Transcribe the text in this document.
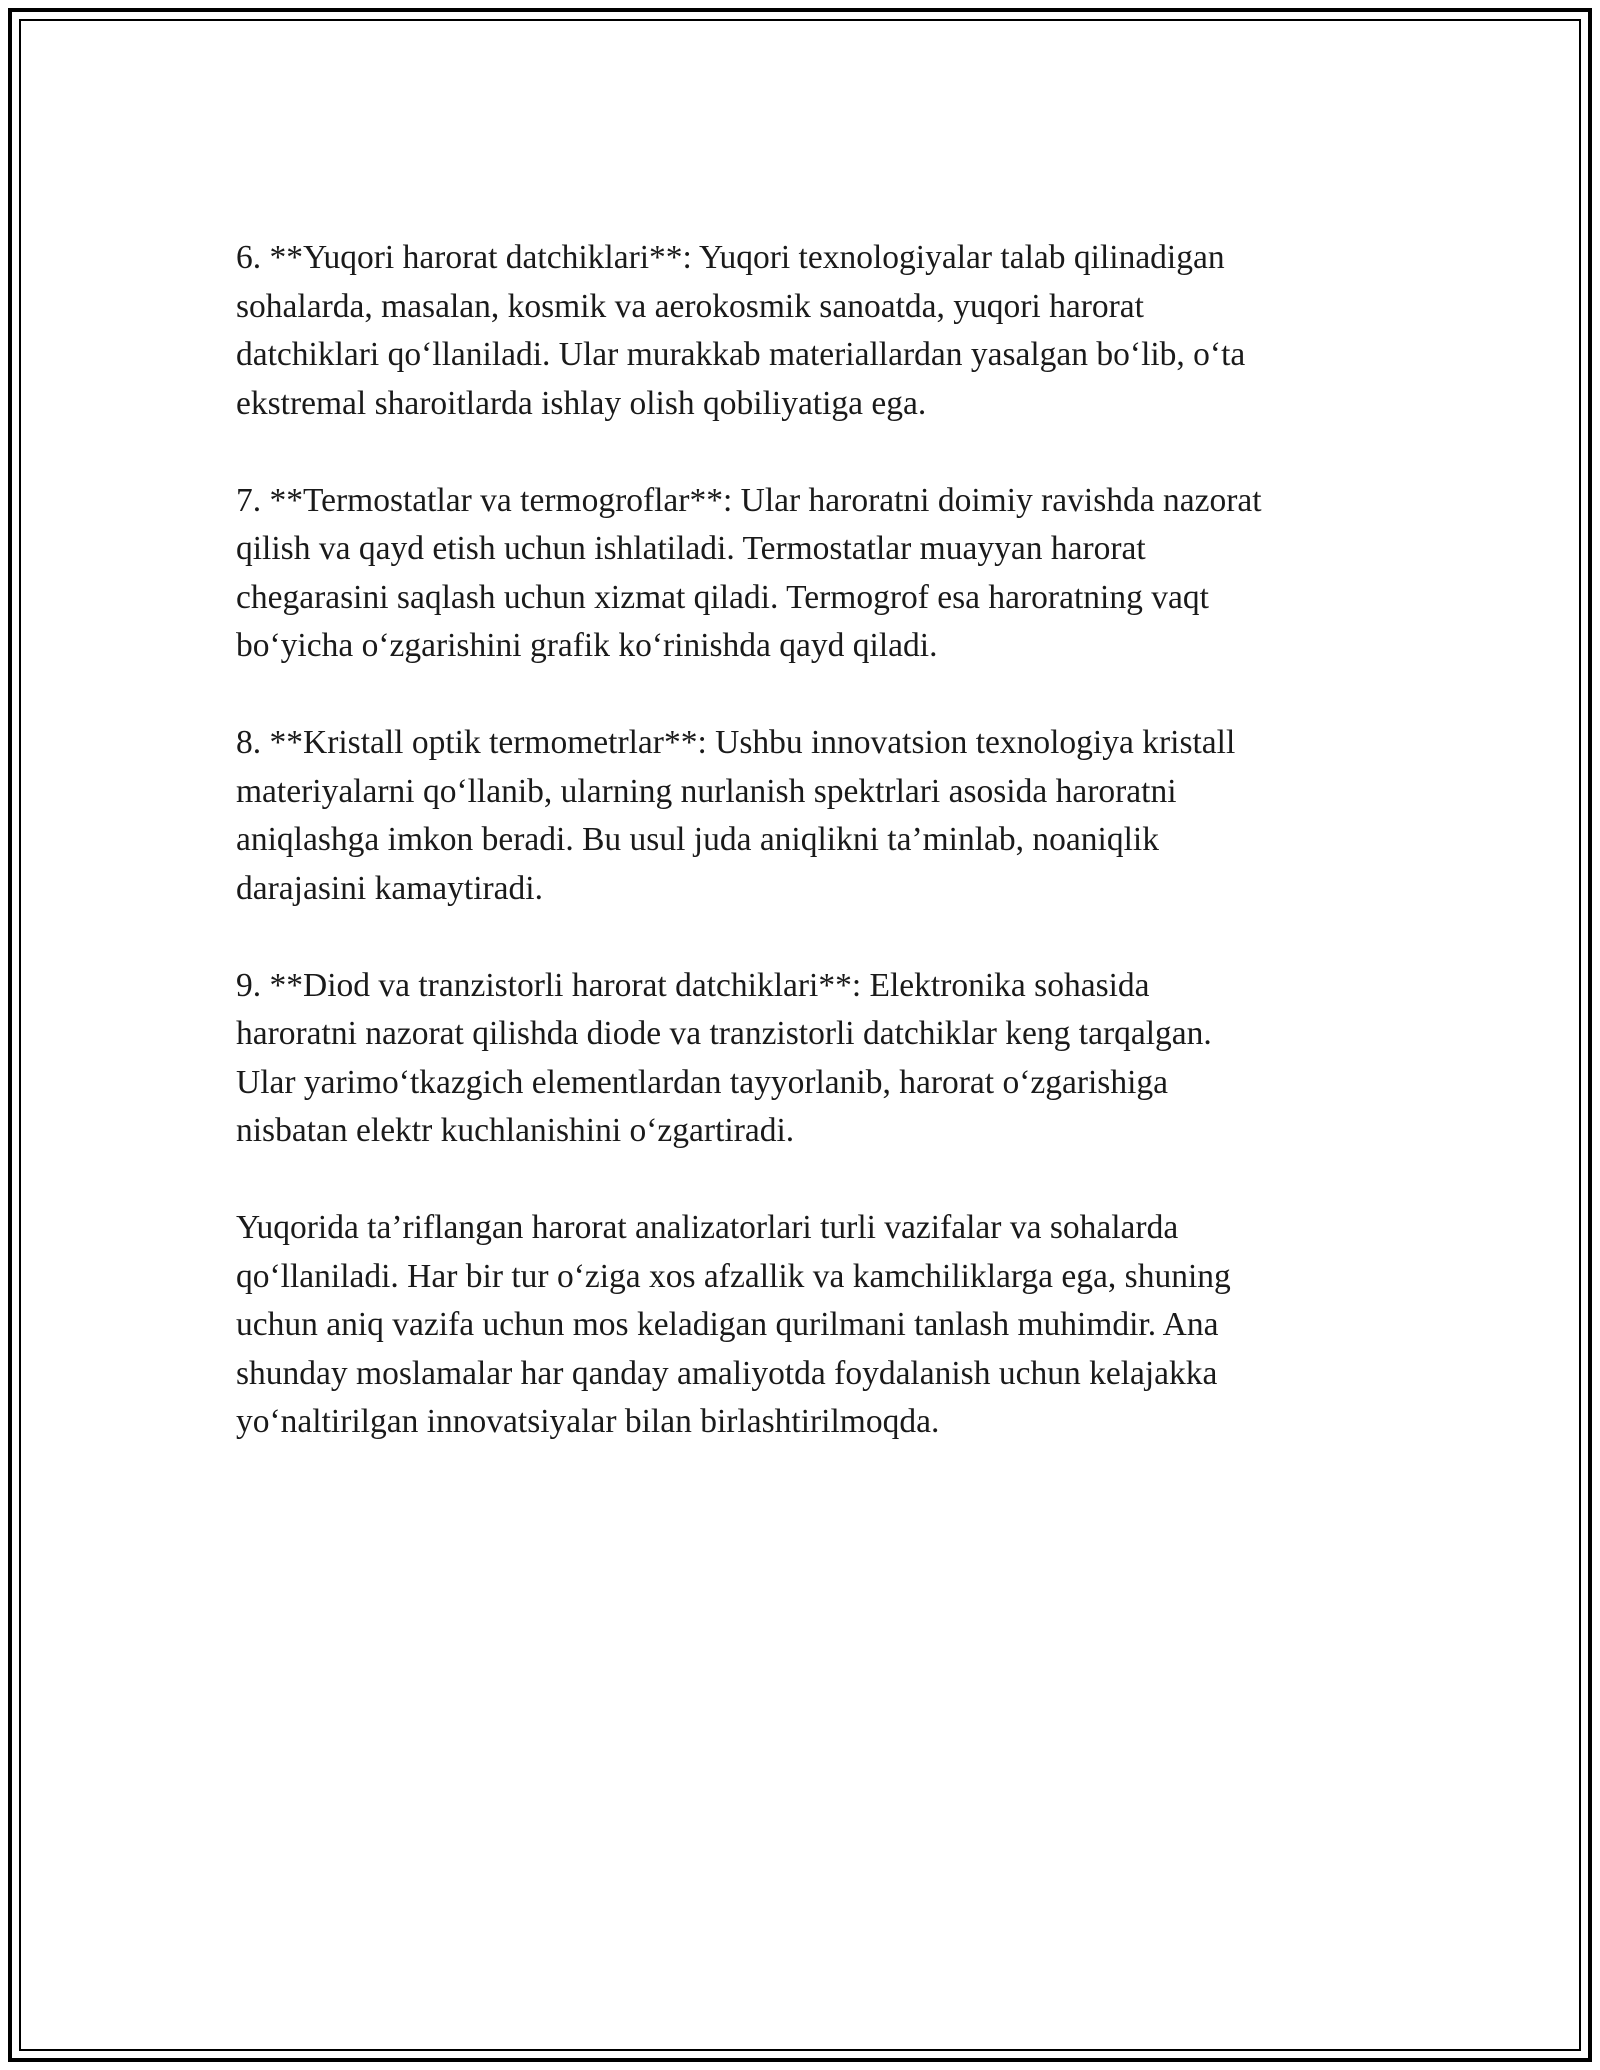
6. **Yuqori harorat datchiklari**: Yuqori texnologiyalar talab qilinadigan
sohalarda, masalan, kosmik va aerokosmik sanoatda, yuqori harorat
datchiklari qo‘llaniladi. Ular murakkab materiallardan yasalgan bo‘lib, o‘ta
ekstremal sharoitlarda ishlay olish qobiliyatiga ega.

7. **Termostatlar va termogroflar**: Ular haroratni doimiy ravishda nazorat
qilish va qayd etish uchun ishlatiladi. Termostatlar muayyan harorat
chegarasini saqlash uchun xizmat qiladi. Termogrof esa haroratning vaqt
bo‘yicha o‘zgarishini grafik ko‘rinishda qayd qiladi.

8. **Kristall optik termometrlar**: Ushbu innovatsion texnologiya kristall
materiyalarni qo‘llanib, ularning nurlanish spektrlari asosida haroratni
aniqlashga imkon beradi. Bu usul juda aniqlikni ta’minlab, noaniqlik
darajasini kamaytiradi.

9. **Diod va tranzistorli harorat datchiklari**: Elektronika sohasida
haroratni nazorat qilishda diode va tranzistorli datchiklar keng tarqalgan.
Ular yarimo‘tkazgich elementlardan tayyorlanib, harorat o‘zgarishiga
nisbatan elektr kuchlanishini o‘zgartiradi.

Yuqorida ta’riflangan harorat analizatorlari turli vazifalar va sohalarda
qo‘llaniladi. Har bir tur o‘ziga xos afzallik va kamchiliklarga ega, shuning
uchun aniq vazifa uchun mos keladigan qurilmani tanlash muhimdir. Ana
shunday moslamalar har qanday amaliyotda foydalanish uchun kelajakka
yo‘naltirilgan innovatsiyalar bilan birlashtirilmoqda.
